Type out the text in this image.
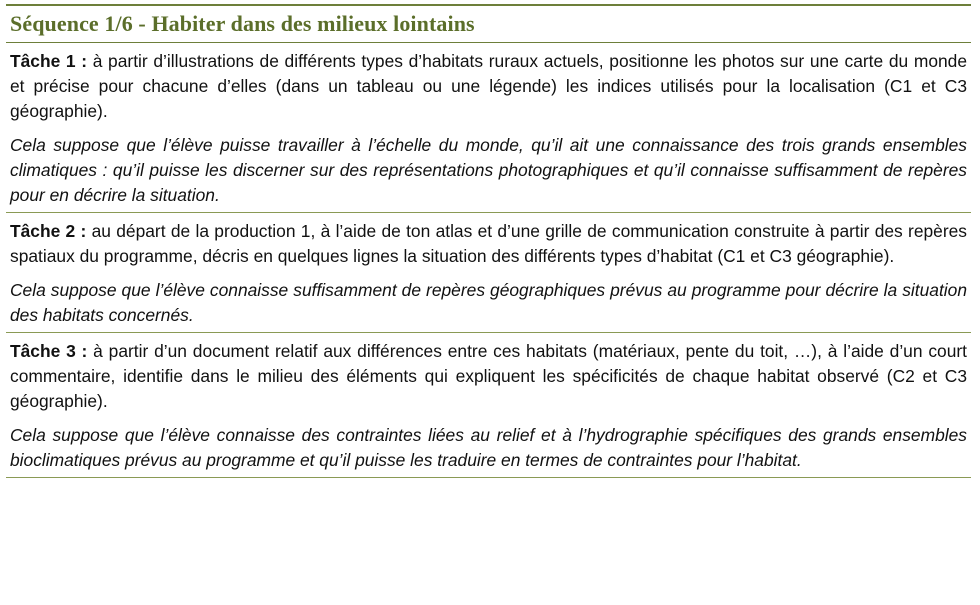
Séquence 1/6 - Habiter dans des milieux lointains

Tâche 1 : à partir d’illustrations de différents types d’habitats ruraux actuels, positionne les photos sur une carte du monde et précise pour chacune d’elles (dans un tableau ou une légende) les indices utilisés pour la localisation (C1 et C3 géographie).

Cela suppose que l’élève puisse travailler à l’échelle du monde, qu’il ait une connaissance des trois grands ensembles climatiques : qu’il puisse les discerner sur des représentations photographiques et qu’il connaisse suffisamment de repères pour en décrire la situation.

Tâche 2 : au départ de la production 1, à l’aide de ton atlas et d’une grille de communication construite à partir des repères spatiaux du programme, décris en quelques lignes la situation des différents types d’habitat (C1 et C3 géographie).

Cela suppose que l’élève connaisse suffisamment de repères géographiques prévus au programme pour décrire la situation des habitats concernés.

Tâche 3 : à partir d’un document relatif aux différences entre ces habitats (matériaux, pente du toit, …), à l’aide d’un court commentaire, identifie dans le milieu des éléments qui expliquent les spécificités de chaque habitat observé (C2 et C3 géographie).

Cela suppose que l’élève connaisse des contraintes liées au relief et à l’hydrographie spécifiques des grands ensembles bioclimatiques prévus au programme et qu’il puisse les traduire en termes de contraintes pour l’habitat.
